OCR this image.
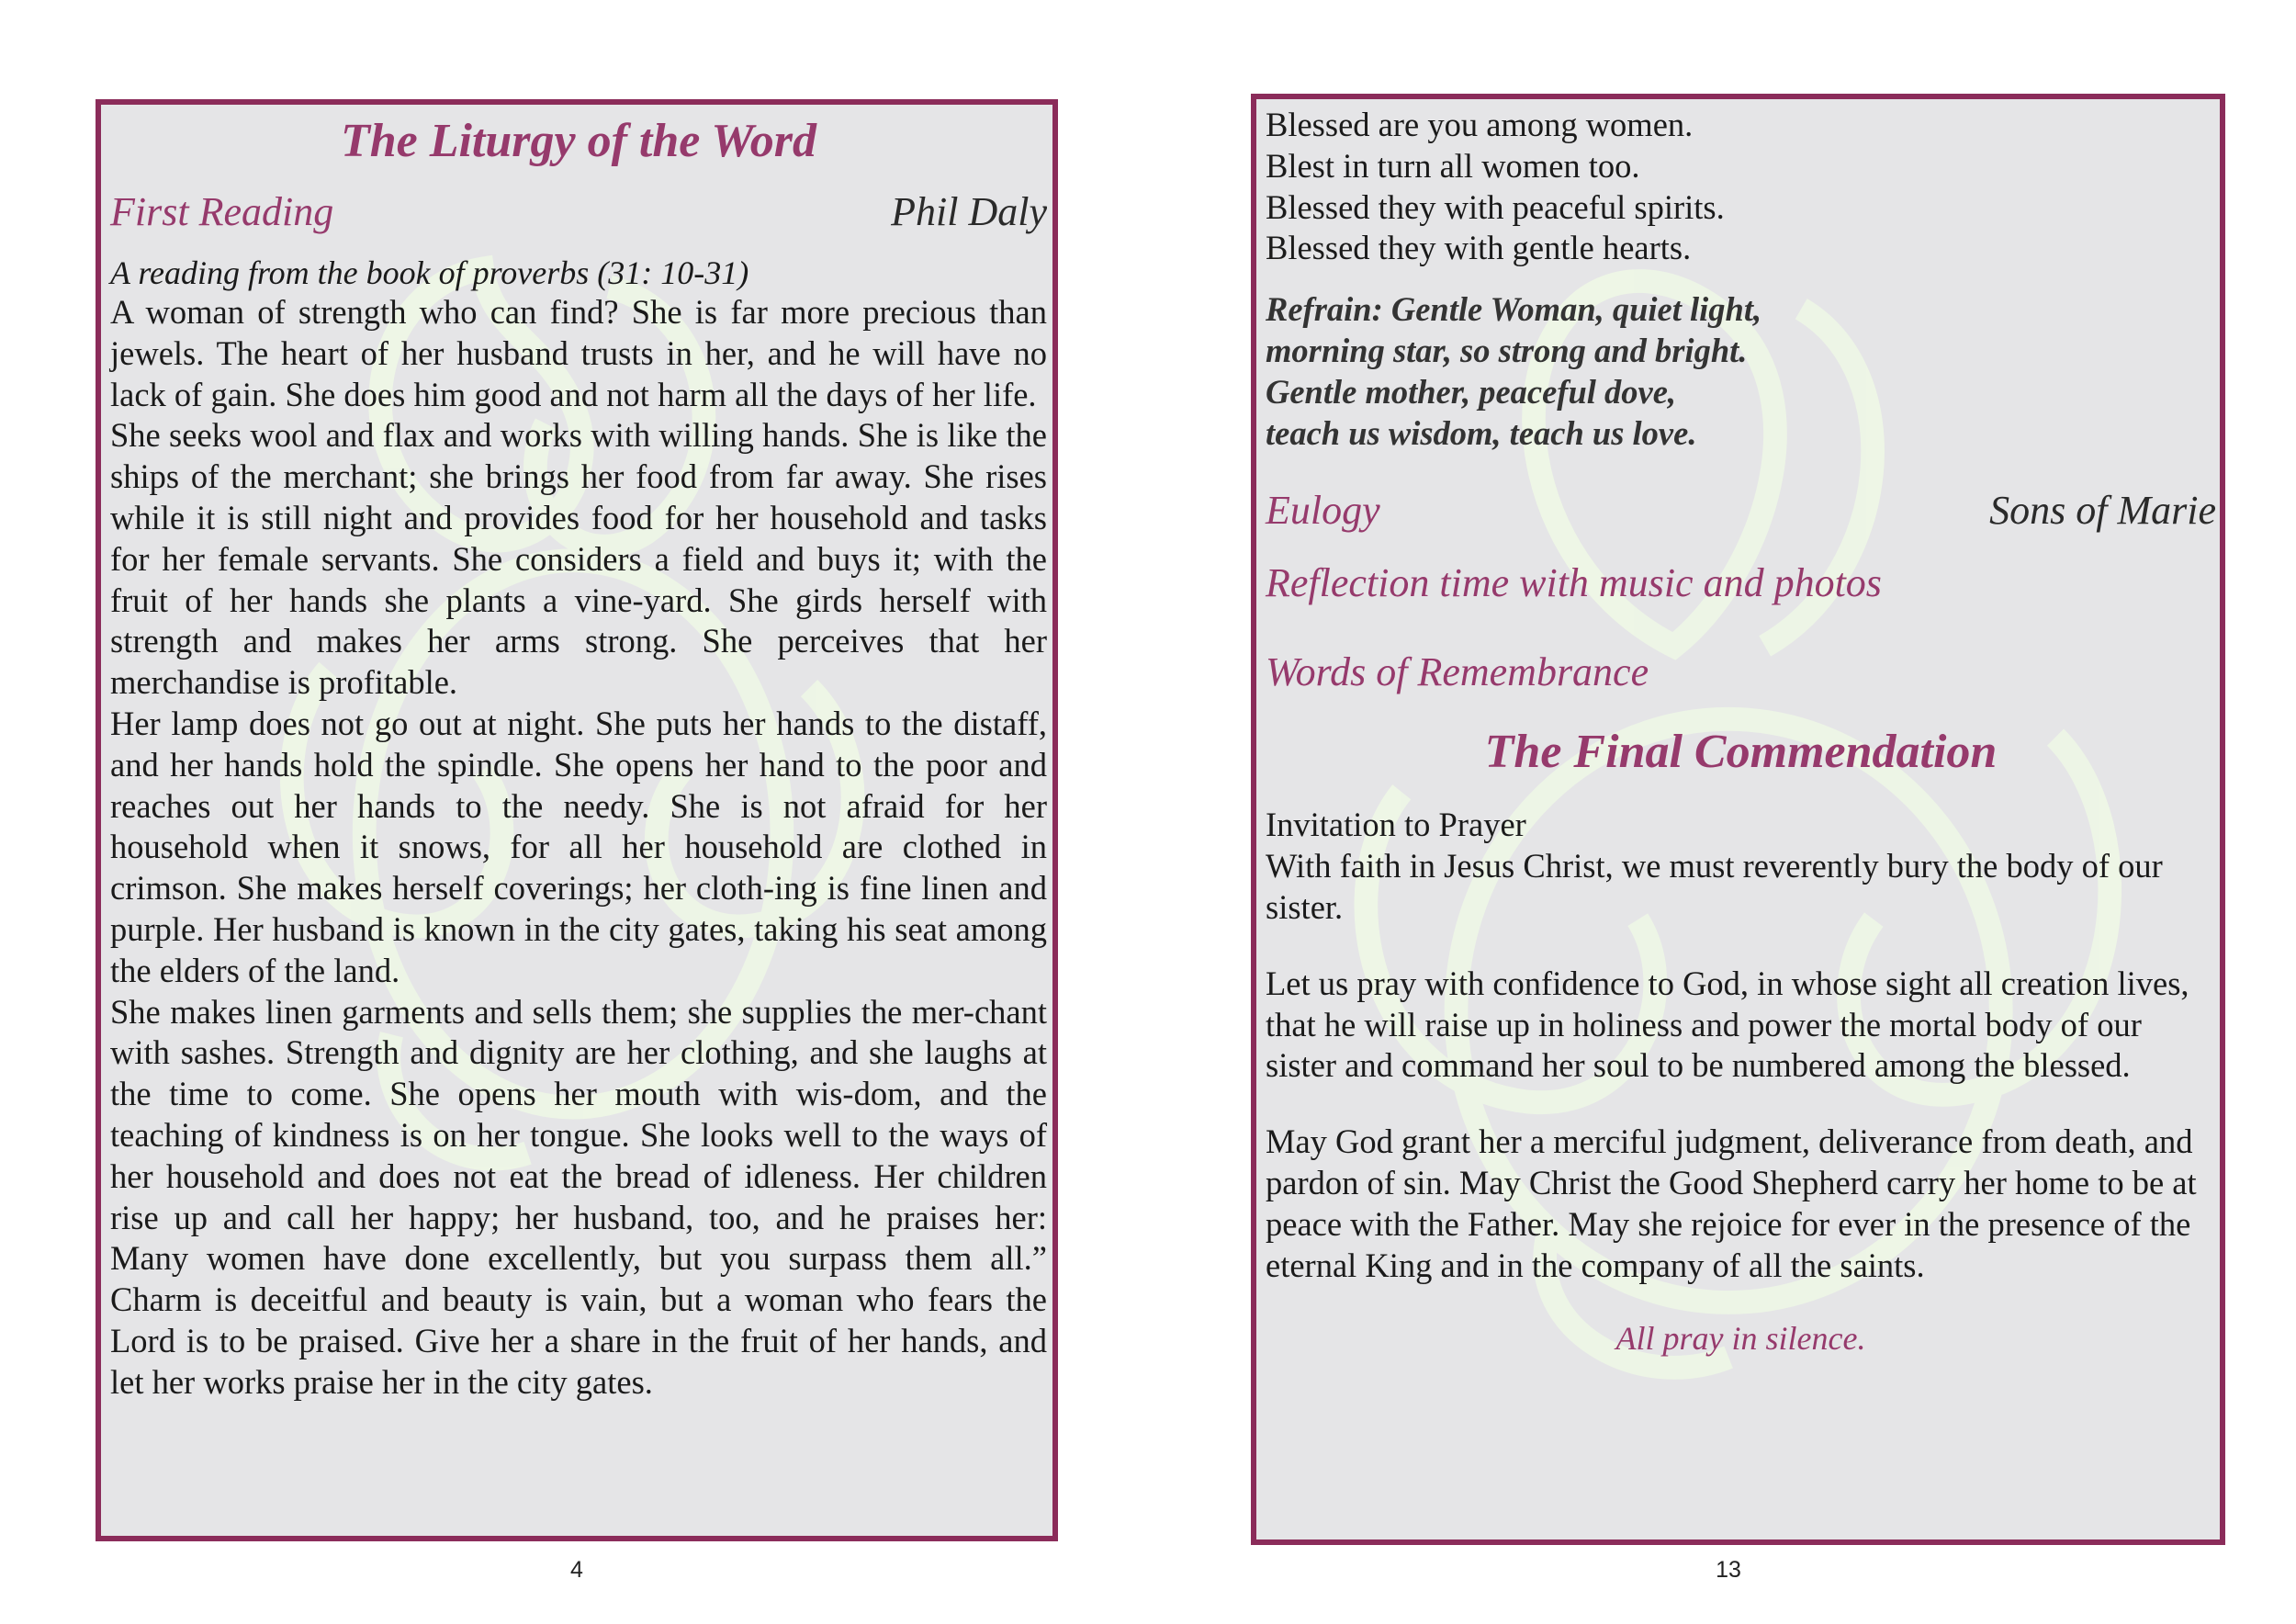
The Liturgy of the Word
First Reading	Phil Daly
A reading from the book of proverbs (31: 10-31)
A woman of strength who can find? She is far more precious than jewels. The heart of her husband trusts in her, and he will have no lack of gain. She does him good and not harm all the days of her life.
She seeks wool and flax and works with willing hands. She is like the ships of the merchant; she brings her food from far away. She rises while it is still night and provides food for her household and tasks for her female servants. She considers a field and buys it; with the fruit of her hands she plants a vine-yard. She girds herself with strength and makes her arms strong. She perceives that her merchandise is profitable.
Her lamp does not go out at night. She puts her hands to the distaff, and her hands hold the spindle. She opens her hand to the poor and reaches out her hands to the needy. She is not afraid for her household when it snows, for all her household are clothed in crimson. She makes herself coverings; her cloth-ing is fine linen and purple. Her husband is known in the city gates, taking his seat among the elders of the land.
She makes linen garments and sells them; she supplies the mer-chant with sashes. Strength and dignity are her clothing, and she laughs at the time to come. She opens her mouth with wis-dom, and the teaching of kindness is on her tongue. She looks well to the ways of her household and does not eat the bread of idleness. Her children rise up and call her happy; her husband, too, and he praises her: Many women have done excellently, but you surpass them all.” Charm is deceitful and beauty is vain, but a woman who fears the Lord is to be praised. Give her a share in the fruit of her hands, and let her works praise her in the city gates.
4
Blessed are you among women.
Blest in turn all women too.
Blessed they with peaceful spirits.
Blessed they with gentle hearts.
Refrain: Gentle Woman, quiet light,
morning star, so strong and bright.
Gentle mother, peaceful dove,
teach us wisdom, teach us love.
Eulogy	Sons of Marie
Reflection time with music and photos
Words of Remembrance
The Final Commendation
Invitation to Prayer
With faith in Jesus Christ, we must reverently bury the body of our sister.
Let us pray with confidence to God, in whose sight all creation lives, that he will raise up in holiness and power the mortal body of our sister and command her soul to be numbered among the blessed.
May God grant her a merciful judgment, deliverance from death, and pardon of sin. May Christ the Good Shepherd carry her home to be at peace with the Father. May she rejoice for ever in the presence of the eternal King and in the company of all the saints.
All pray in silence.
13
